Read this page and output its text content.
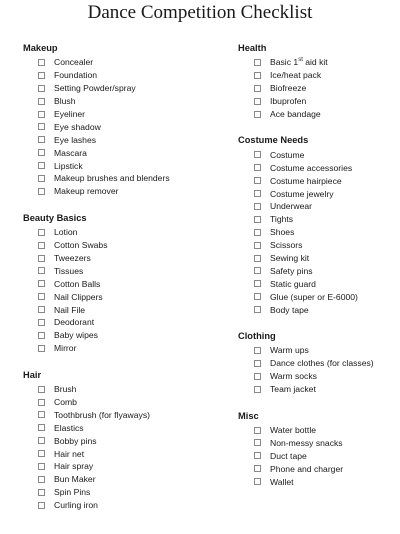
Dance Competition Checklist
Makeup
Concealer
Foundation
Setting Powder/spray
Blush
Eyeliner
Eye shadow
Eye lashes
Mascara
Lipstick
Makeup brushes and blenders
Makeup remover
Beauty Basics
Lotion
Cotton Swabs
Tweezers
Tissues
Cotton Balls
Nail Clippers
Nail File
Deodorant
Baby wipes
Mirror
Hair
Brush
Comb
Toothbrush (for flyaways)
Elastics
Bobby pins
Hair net
Hair spray
Bun Maker
Spin Pins
Curling iron
Health
Basic 1st aid kit
Ice/heat pack
Biofreeze
Ibuprofen
Ace bandage
Costume Needs
Costume
Costume accessories
Costume hairpiece
Costume jewelry
Underwear
Tights
Shoes
Scissors
Sewing kit
Safety pins
Static guard
Glue (super or E-6000)
Body tape
Clothing
Warm ups
Dance clothes (for classes)
Warm socks
Team jacket
Misc
Water bottle
Non-messy snacks
Duct tape
Phone and charger
Wallet
